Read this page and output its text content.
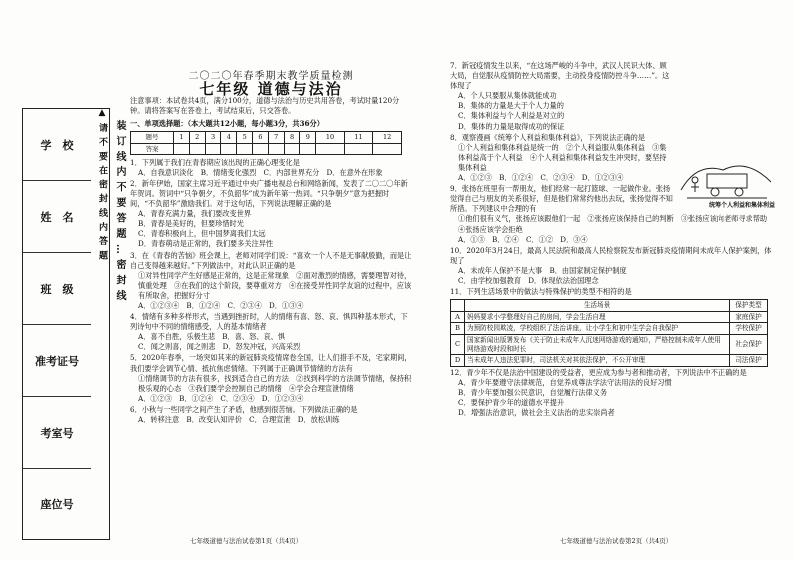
学　校
姓　名
班　级
准考证号
考室号
座位号
装 订 线 内 不 要 答 题 … 密 封 线
▲ 请 不 要 在 密 封 线 内 答 题
二〇二〇年春季期末教学质量检测
七年级 道德与法治
注意事项：本试卷共4页，满分100分，道德与法治与历史共用答卷，考试时量120分钟。请将答案写在答卷上，考试结束后，只交答卷。
一、单项选择题：（本大题共12小题，每小题3分，共36分）
题号	1	2	3	4	5	6	7	8	9	10	11	12
答案												
1．下列属于我们在青春期应该出现的正确心理变化是
A．自我意识淡化　B．情绪变化强烈　C．内部世界充分　D．在意外在形象
2．新年伊始，国家主席习近平通过中央广播电视总台和网络新闻，发表了二〇二〇年新年贺词。贺词中“只争朝夕，不负韶华”成为新年第一热词。“只争朝夕”意为把握时间，“不负韶华”激励我们。对于这句话，下列说法理解正确的是
A．青春充满力量，我们要改变世界
B．青春是美好的，但要珍惜时光
C．青春积极向上，但中国梦离我们太远
D．青春萌动是正常的，我们要多关注异性
3．在《青春的苦恼》班会课上，老师对同学们说：“喜欢一个人不是无事献殷勤，而是让自己变得越来越好。”下列做法中，对此认识正确的是
①对异性同学产生好感是正常的，这是正常现象　②面对激烈的情感，需要理智对待，慎重处理　③在我们的这个阶段，要尊重对方　④在接受异性同学友谊的过程中，应该有所取舍，把握好分寸
A．①②③④　B．①②④　C．②③④　D．①③④
4．情绪有多种多样形式，当遇到挫折时，人的情绪有喜、怒、哀、惧四种基本形式，下列诗句中不同的情绪感受，人的基本情绪者
A．喜不自胜，乐极生悲　B．喜、怒、哀、惧
C．闻之则喜，闻之则悲　D．怒发冲冠，兴高采烈
5．2020年春季，一场突如其来的新冠肺炎疫情席卷全国，让人们措手不及，宅家期间，我们要学会调节心情、抵抗焦虑情绪。下列属于正确调节情绪的方法有
①情绪调节的方法有很多，找到适合自己的方法　②找到科学的方法调节情绪，保持积极乐观的心态　③我们要学会控制自己的情绪　④学会合理宣泄情绪
A．①②③　B．①②④　C．②③④　D．①②③④
6．小秋与一些同学之间产生了矛盾，他感到很苦恼。下列做法正确的是
A．转移注意　B．改变认知评价　C．合理宣泄　D．放松训练
七年级道德与法治试卷第1页（共4页）
统筹个人利益和集体利益
7．新冠疫情发生以来，“在这场严峻的斗争中，武汉人民识大体、顾大局，自觉服从疫情防控大局需要，主动投身疫情防控斗争……”。这体现了
A．个人只要服从集体就能成功
B．集体的力量是大于个人力量的
C．集体利益与个人利益是对立的
D．集体的力量是取得成功的保证
8．观察漫画《统筹个人利益和集体利益》，下列说法正确的是
①个人利益和集体利益是统一的　②个人利益服从集体利益　③集体利益高于个人利益　④个人利益和集体利益发生冲突时，要坚持集体利益
A．①②③　B．①②④　C．②③④　D．①②③④
9．张扬在班里有一帮朋友，他们经常一起打篮球、一起做作业。张扬觉得自己与朋友的关系很好，但是他们常常约他出去玩，张扬觉得不知所措。下列建议中合理的有
①他们很有义气，张扬应该跟他们一起　②张扬应该保持自己的判断　③张扬应该向老师寻求帮助　④张扬应该学会拒绝
A．①③　B．②④　C．①②　D．③④
10．2020年3月24日，最高人民法院和最高人民检察院发布新冠肺炎疫情期间未成年人保护案例，体现了
A．未成年人保护不是大事　B．由国家制定保护制度
C．由学校加强教育　D．体现依法治国理念
11．下列生活场景中的做法与特殊保护的类型不相符的是
	生活场景	保护类型
A	妈妈要求小学整理好自己的房间，学会生活自理	家庭保护
B	为预防校园欺凌，学校组织了法治讲座，让小学生和初中生学会自我保护	学校保护
C	国家新闻出版署发布《关于防止未成年人沉迷网络游戏的通知》，严格控制未成年人使用网络游戏时段和时长	社会保护
D	当未成年人违法犯罪时，司法机关对其依法保护，不公开审理	司法保护
12．青少年不仅是法治中国建设的受益者，更应成为参与者和推动者，下列说法中不正确的是
A．青少年要遵守法律规范，自觉养成尊法学法守法用法的良好习惯
B．青少年要加强公民意识，自觉履行法律义务
C．要保护青少年的道德水平提升
D．增强法治意识，做社会主义法治的忠实崇尚者
七年级道德与法治试卷第2页（共4页）
